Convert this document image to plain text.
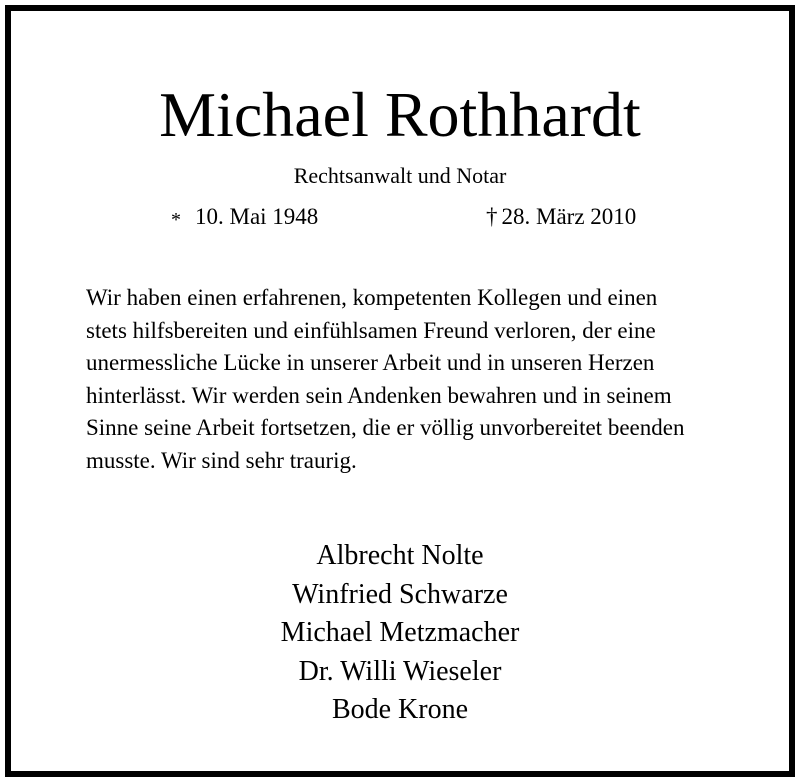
Michael Rothhardt
Rechtsanwalt und Notar
* 10. Mai 1948	† 28. März 2010
Wir haben einen erfahrenen, kompetenten Kollegen und einen
stets hilfsbereiten und einfühlsamen Freund verloren, der eine
unermessliche Lücke in unserer Arbeit und in unseren Herzen
hinterlässt. Wir werden sein Andenken bewahren und in seinem
Sinne seine Arbeit fortsetzen, die er völlig unvorbereitet beenden
musste. Wir sind sehr traurig.
Albrecht Nolte
Winfried Schwarze
Michael Metzmacher
Dr. Willi Wieseler
Bode Krone
